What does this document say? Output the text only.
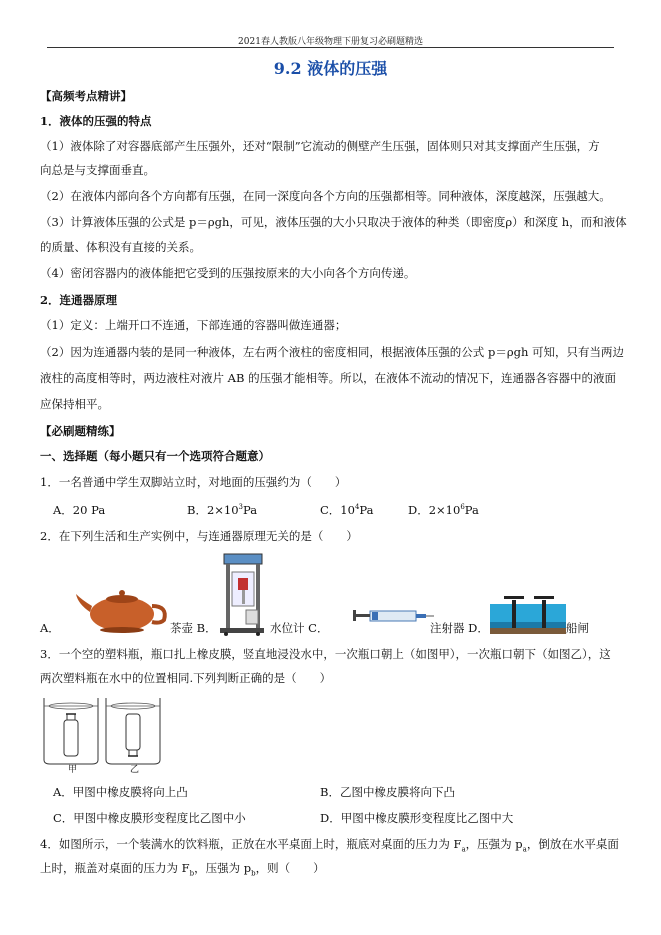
2021春人教版八年级物理下册复习必刷题精选
9.2 液体的压强
【高频考点精讲】
1．液体的压强的特点
（1）液体除了对容器底部产生压强外，还对“限制”它流动的侧壁产生压强，固体则只对其支撑面产生压强，方
向总是与支撑面垂直。
（2）在液体内部向各个方向都有压强，在同一深度向各个方向的压强都相等。同种液体，深度越深，压强越大。
（3）计算液体压强的公式是 p＝ρgh，可见，液体压强的大小只取决于液体的种类（即密度ρ）和深度 h，而和液体
的质量、体积没有直接的关系。
（4）密闭容器内的液体能把它受到的压强按原来的大小向各个方向传递。
2．连通器原理
（1）定义：上端开口不连通，下部连通的容器叫做连通器；
（2）因为连通器内装的是同一种液体，左右两个液柱的密度相同，根据液体压强的公式 p＝ρgh 可知，只有当两边
液柱的高度相等时，两边液柱对液片 AB 的压强才能相等。所以，在液体不流动的情况下，连通器各容器中的液面
应保持相平。
【必刷题精练】
一、选择题（每小题只有一个选项符合题意）
1．一名普通中学生双脚站立时，对地面的压强约为（　　）
A．20 Pa	B．$2\times 10^3Pa$	C．$10^4Pa$	D．$2\times 10^6Pa$
2．在下列生活和生产实例中，与连通器原理无关的是（　　）
A．	茶壶 B．	水位计 C．	注射器 D．	船闸
3．一个空的塑料瓶，瓶口扎上橡皮膜，竖直地浸没水中，一次瓶口朝上（如图甲），一次瓶口朝下（如图乙），这
两次塑料瓶在水中的位置相同.下列判断正确的是（　　）
甲	乙
A．甲图中橡皮膜将向上凸	B．乙图中橡皮膜将向下凸
C．甲图中橡皮膜形变程度比乙图中小	D．甲图中橡皮膜形变程度比乙图中大
4．如图所示，一个装满水的饮料瓶，正放在水平桌面上时，瓶底对桌面的压力为 $F_a$，压强为 $p_a$，倒放在水平桌面
上时，瓶盖对桌面的压力为 $F_b$，压强为 $p_b$，则（　　）
